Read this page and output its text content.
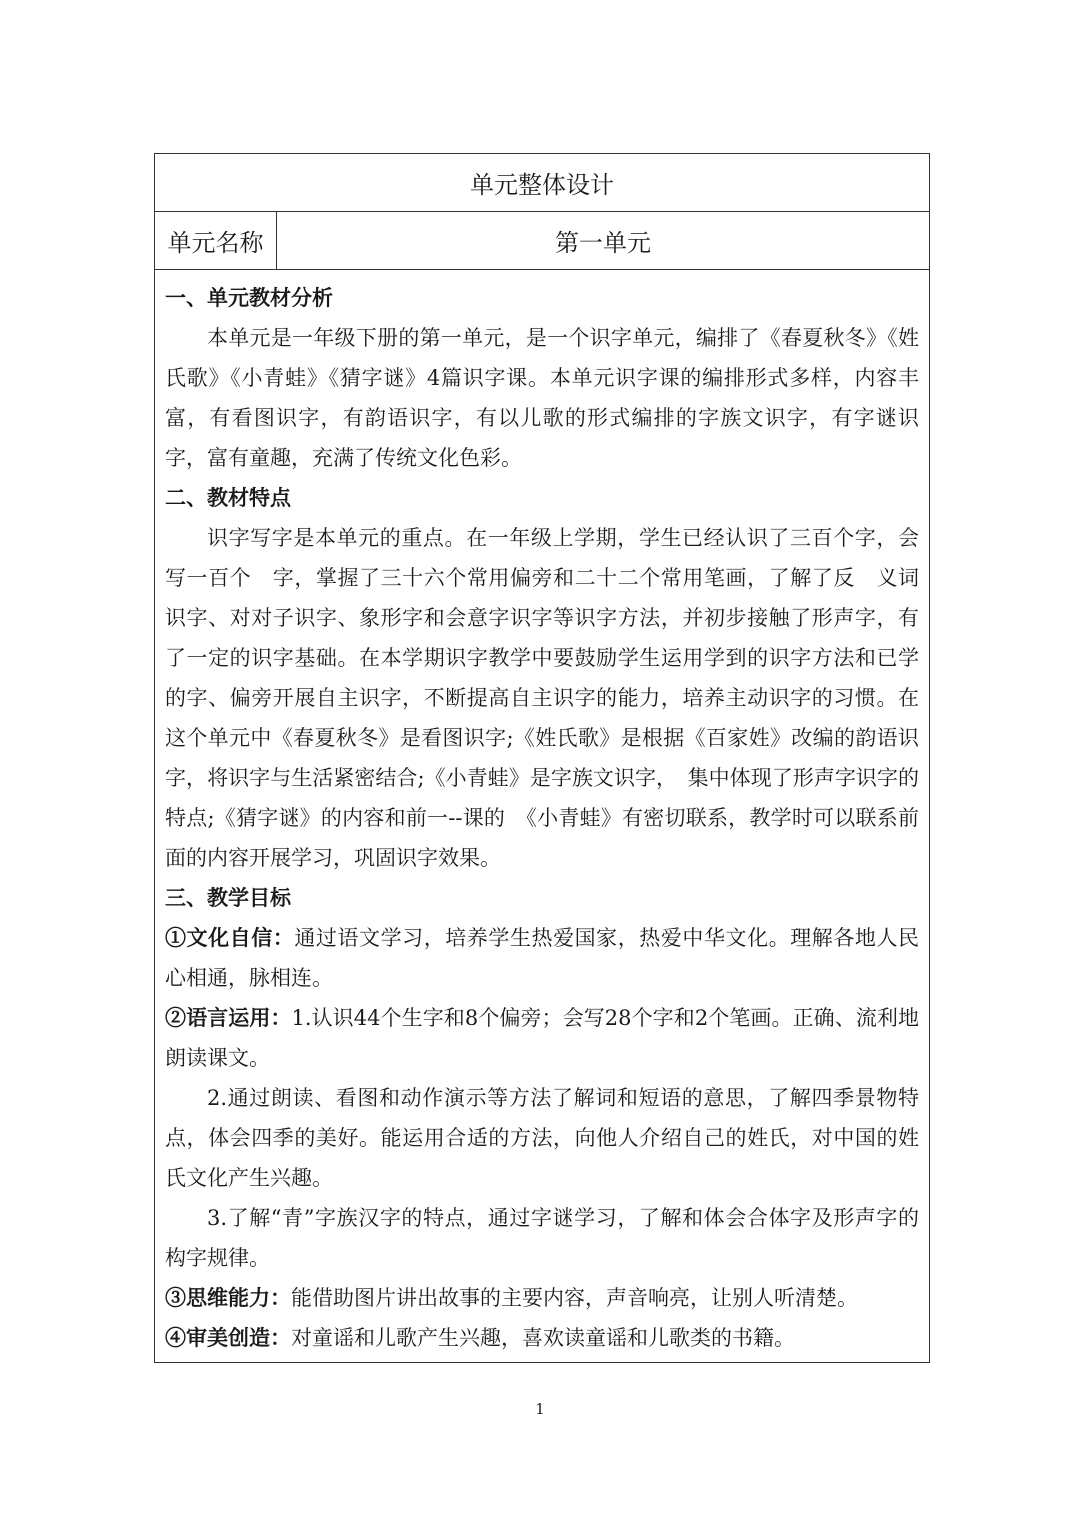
单元整体设计
单元名称	第一单元

一、单元教材分析

本单元是一年级下册的第一单元，是一个识字单元，编排了《春夏秋冬》《姓氏歌》《小青蛙》《猜字谜》4篇识字课。本单元识字课的编排形式多样，内容丰富，有看图识字，有韵语识字，有以儿歌的形式编排的字族文识字，有字谜识字，富有童趣，充满了传统文化色彩。

二、教材特点

识字写字是本单元的重点。在一年级上学期，学生已经认识了三百个字，会写一百个　字，掌握了三十六个常用偏旁和二十二个常用笔画，了解了反　义词识字、对对子识字、象形字和会意字识字等识字方法，并初步接触了形声字，有了一定的识字基础。在本学期识字教学中要鼓励学生运用学到的识字方法和已学的字、偏旁开展自主识字，不断提高自主识字的能力，培养主动识字的习惯。在这个单元中《春夏秋冬》是看图识字;《姓氏歌》是根据《百家姓》改编的韵语识字，将识字与生活紧密结合;《小青蛙》是字族文识字，　集中体现了形声字识字的特点;《猜字谜》的内容和前一--课的　《小青蛙》有密切联系，教学时可以联系前面的内容开展学习，巩固识字效果。

三、教学目标

①文化自信：通过语文学习，培养学生热爱国家，热爱中华文化。理解各地人民心相通，脉相连。

②语言运用：1.认识44个生字和8个偏旁；会写28个字和2个笔画。正确、流利地朗读课文。

2.通过朗读、看图和动作演示等方法了解词和短语的意思，了解四季景物特点，体会四季的美好。能运用合适的方法，向他人介绍自己的姓氏，对中国的姓氏文化产生兴趣。

3.了解“青”字族汉字的特点，通过字谜学习，了解和体会合体字及形声字的构字规律。

③思维能力：能借助图片讲出故事的主要内容，声音响亮，让别人听清楚。

④审美创造：对童谣和儿歌产生兴趣，喜欢读童谣和儿歌类的书籍。

1
